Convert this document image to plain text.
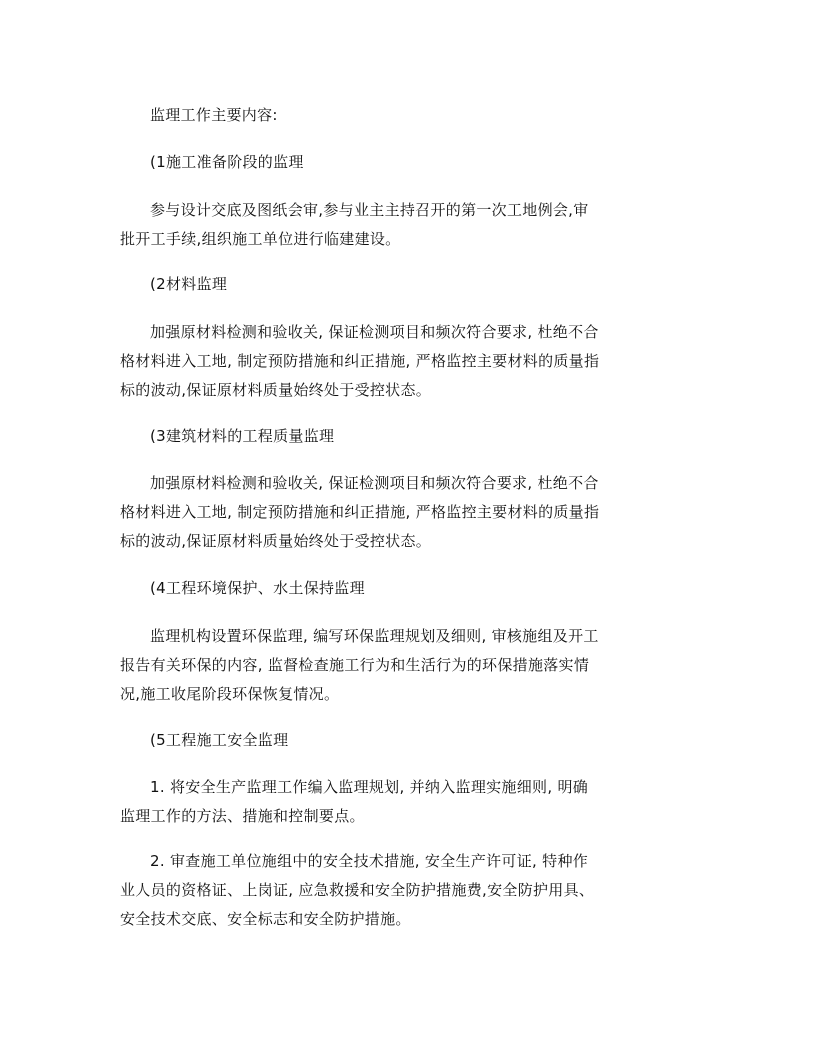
监理工作主要内容:

(1施工准备阶段的监理

参与设计交底及图纸会审,参与业主主持召开的第一次工地例会,审批开工手续,组织施工单位进行临建建设。

(2材料监理

加强原材料检测和验收关, 保证检测项目和频次符合要求, 杜绝不合格材料进入工地, 制定预防措施和纠正措施, 严格监控主要材料的质量指标的波动,保证原材料质量始终处于受控状态。

(3建筑材料的工程质量监理

加强原材料检测和验收关, 保证检测项目和频次符合要求, 杜绝不合格材料进入工地, 制定预防措施和纠正措施, 严格监控主要材料的质量指标的波动,保证原材料质量始终处于受控状态。

(4工程环境保护、水土保持监理

监理机构设置环保监理, 编写环保监理规划及细则, 审核施组及开工报告有关环保的内容, 监督检查施工行为和生活行为的环保措施落实情况,施工收尾阶段环保恢复情况。

(5工程施工安全监理

1. 将安全生产监理工作编入监理规划, 并纳入监理实施细则, 明确监理工作的方法、措施和控制要点。

2. 审查施工单位施组中的安全技术措施, 安全生产许可证, 特种作业人员的资格证、上岗证, 应急救援和安全防护措施费,安全防护用具、安全技术交底、安全标志和安全防护措施。
